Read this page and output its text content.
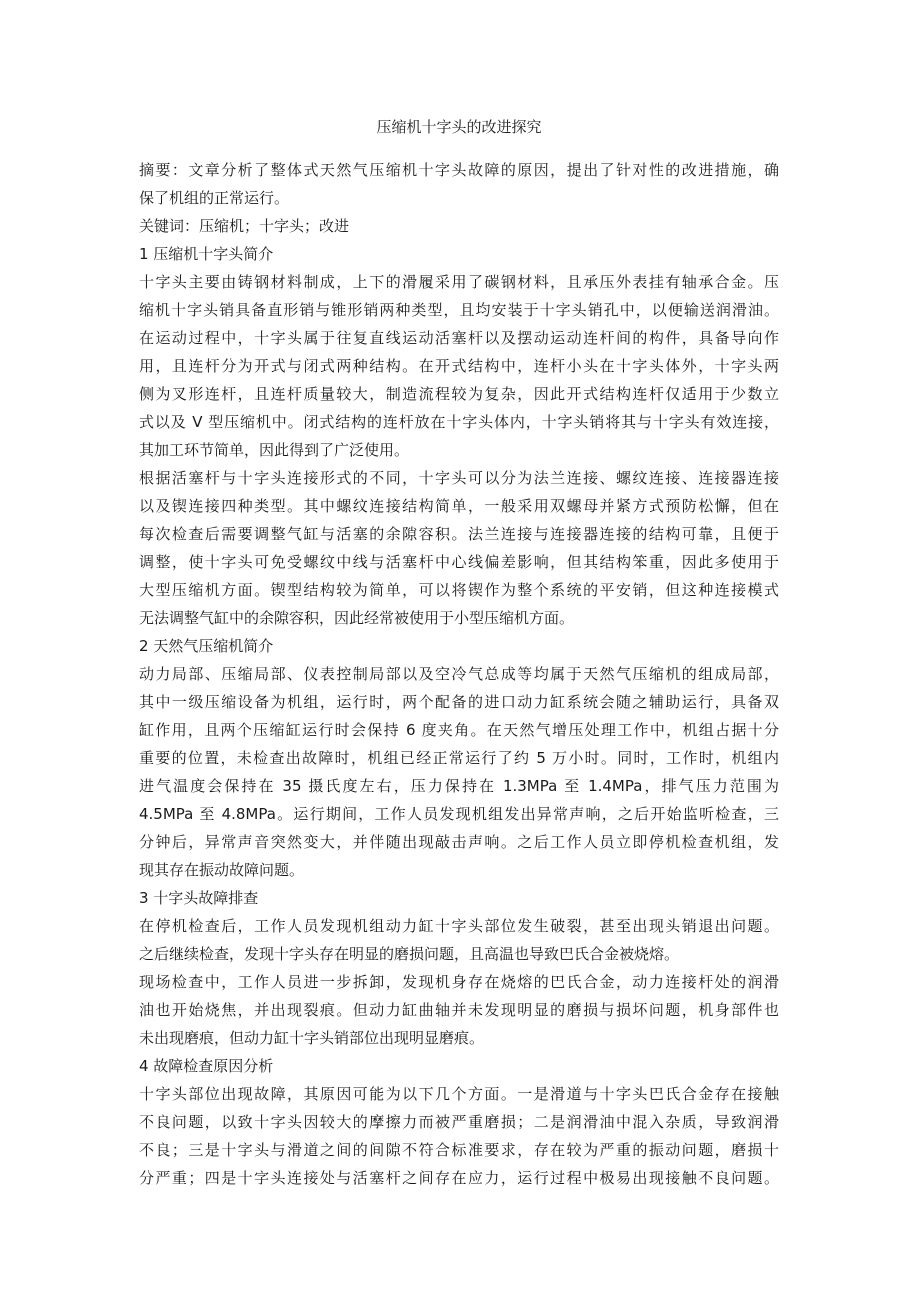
压缩机十字头的改进探究

摘要：文章分析了整体式天然气压缩机十字头故障的原因，提出了针对性的改进措施，确

保了机组的正常运行。

关键词：压缩机；十字头；改进

1 压缩机十字头简介

十字头主要由铸钢材料制成，上下的滑履采用了碳钢材料，且承压外表挂有轴承合金。压

缩机十字头销具备直形销与锥形销两种类型，且均安装于十字头销孔中，以便输送润滑油。

在运动过程中，十字头属于往复直线运动活塞杆以及摆动运动连杆间的构件，具备导向作

用，且连杆分为开式与闭式两种结构。在开式结构中，连杆小头在十字头体外，十字头两

侧为叉形连杆，且连杆质量较大，制造流程较为复杂，因此开式结构连杆仅适用于少数立

式以及 V 型压缩机中。闭式结构的连杆放在十字头体内，十字头销将其与十字头有效连接，

其加工环节简单，因此得到了广泛使用。

根据活塞杆与十字头连接形式的不同，十字头可以分为法兰连接、螺纹连接、连接器连接

以及锲连接四种类型。其中螺纹连接结构简单，一般采用双螺母并紧方式预防松懈，但在

每次检查后需要调整气缸与活塞的余隙容积。法兰连接与连接器连接的结构可靠，且便于

调整，使十字头可免受螺纹中线与活塞杆中心线偏差影响，但其结构笨重，因此多使用于

大型压缩机方面。锲型结构较为简单，可以将锲作为整个系统的平安销，但这种连接模式

无法调整气缸中的余隙容积，因此经常被使用于小型压缩机方面。

2 天然气压缩机简介

动力局部、压缩局部、仪表控制局部以及空冷气总成等均属于天然气压缩机的组成局部，

其中一级压缩设备为机组，运行时，两个配备的进口动力缸系统会随之辅助运行，具备双

缸作用，且两个压缩缸运行时会保持 6 度夹角。在天然气增压处理工作中，机组占据十分

重要的位置，未检查出故障时，机组已经正常运行了约 5 万小时。同时，工作时，机组内

进气温度会保持在 35 摄氏度左右，压力保持在 1.3MPa 至 1.4MPa，排气压力范围为

4.5MPa 至 4.8MPa。运行期间，工作人员发现机组发出异常声响，之后开始监听检查，三

分钟后，异常声音突然变大，并伴随出现敲击声响。之后工作人员立即停机检查机组，发

现其存在振动故障问题。

3 十字头故障排查

在停机检查后，工作人员发现机组动力缸十字头部位发生破裂，甚至出现头销退出问题。

之后继续检查，发现十字头存在明显的磨损问题，且高温也导致巴氏合金被烧熔。

现场检查中，工作人员进一步拆卸，发现机身存在烧熔的巴氏合金，动力连接杆处的润滑

油也开始烧焦，并出现裂痕。但动力缸曲轴并未发现明显的磨损与损坏问题，机身部件也

未出现磨痕，但动力缸十字头销部位出现明显磨痕。

4 故障检查原因分析

十字头部位出现故障，其原因可能为以下几个方面。一是滑道与十字头巴氏合金存在接触

不良问题，以致十字头因较大的摩擦力而被严重磨损；二是润滑油中混入杂质，导致润滑

不良；三是十字头与滑道之间的间隙不符合标准要求，存在较为严重的振动问题，磨损十

分严重；四是十字头连接处与活塞杆之间存在应力，运行过程中极易出现接触不良问题。
